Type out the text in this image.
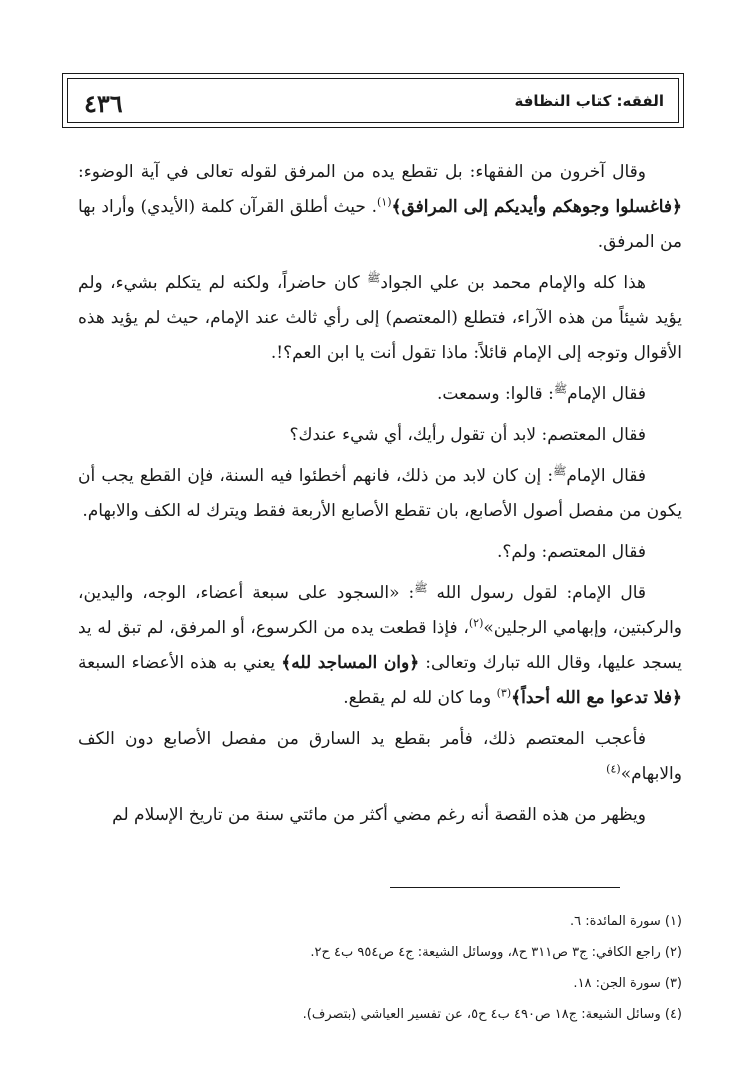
٤٣٦	الفقه: كتاب النظافة

وقال آخرون من الفقهاء: بل تقطع يده من المرفق لقوله تعالى في آية الوضوء: ﴿فاغسلوا وجوهكم وأيديكم إلى المرافق﴾$^{(١)}$. حيث أطلق القرآن كلمة (الأيدي) وأراد بها من المرفق.

هذا كله والإمام محمد بن علي الجواد$^ﷺ$ كان حاضراً، ولكنه لم يتكلم بشيء، ولم يؤيد شيئاً من هذه الآراء، فتطلع (المعتصم) إلى رأي ثالث عند الإمام، حيث لم يؤيد هذه الأقوال وتوجه إلى الإمام قائلاً: ماذا تقول أنت يا ابن العم؟!.

فقال الإمام$^ﷺ$: قالوا: وسمعت.

فقال المعتصم: لابد أن تقول رأيك، أي شيء عندك؟

فقال الإمام$^ﷺ$: إن كان لابد من ذلك، فانهم أخطئوا فيه السنة، فإن القطع يجب أن يكون من مفصل أصول الأصابع، بان تقطع الأصابع الأربعة فقط ويترك له الكف والابهام.

فقال المعتصم: ولم؟.

قال الإمام: لقول رسول الله $^ﷺ$: «السجود على سبعة أعضاء، الوجه، واليدين، والركبتين، وإبهامي الرجلين»$^{(٢)}$، فإذا قطعت يده من الكرسوع، أو المرفق، لم تبق له يد يسجد عليها، وقال الله تبارك وتعالى: ﴿وان المساجد لله﴾ يعني به هذه الأعضاء السبعة ﴿فلا تدعوا مع الله أحداً﴾$^{(٣)}$ وما كان لله لم يقطع.

فأعجب المعتصم ذلك، فأمر بقطع يد السارق من مفصل الأصابع دون الكف والابهام»$^{(٤)}$

ويظهر من هذه القصة أنه رغم مضي أكثر من مائتي سنة من تاريخ الإسلام لم

(١) سورة المائدة: ٦.

(٢) راجع الكافي: ج٣ ص٣١١ ح٨، ووسائل الشيعة: ج٤ ص٩٥٤ ب٤ ح٢.

(٣) سورة الجن: ١٨.

(٤) وسائل الشيعة: ج١٨ ص٤٩٠ ب٤ ح٥، عن تفسير العياشي (بتصرف).
